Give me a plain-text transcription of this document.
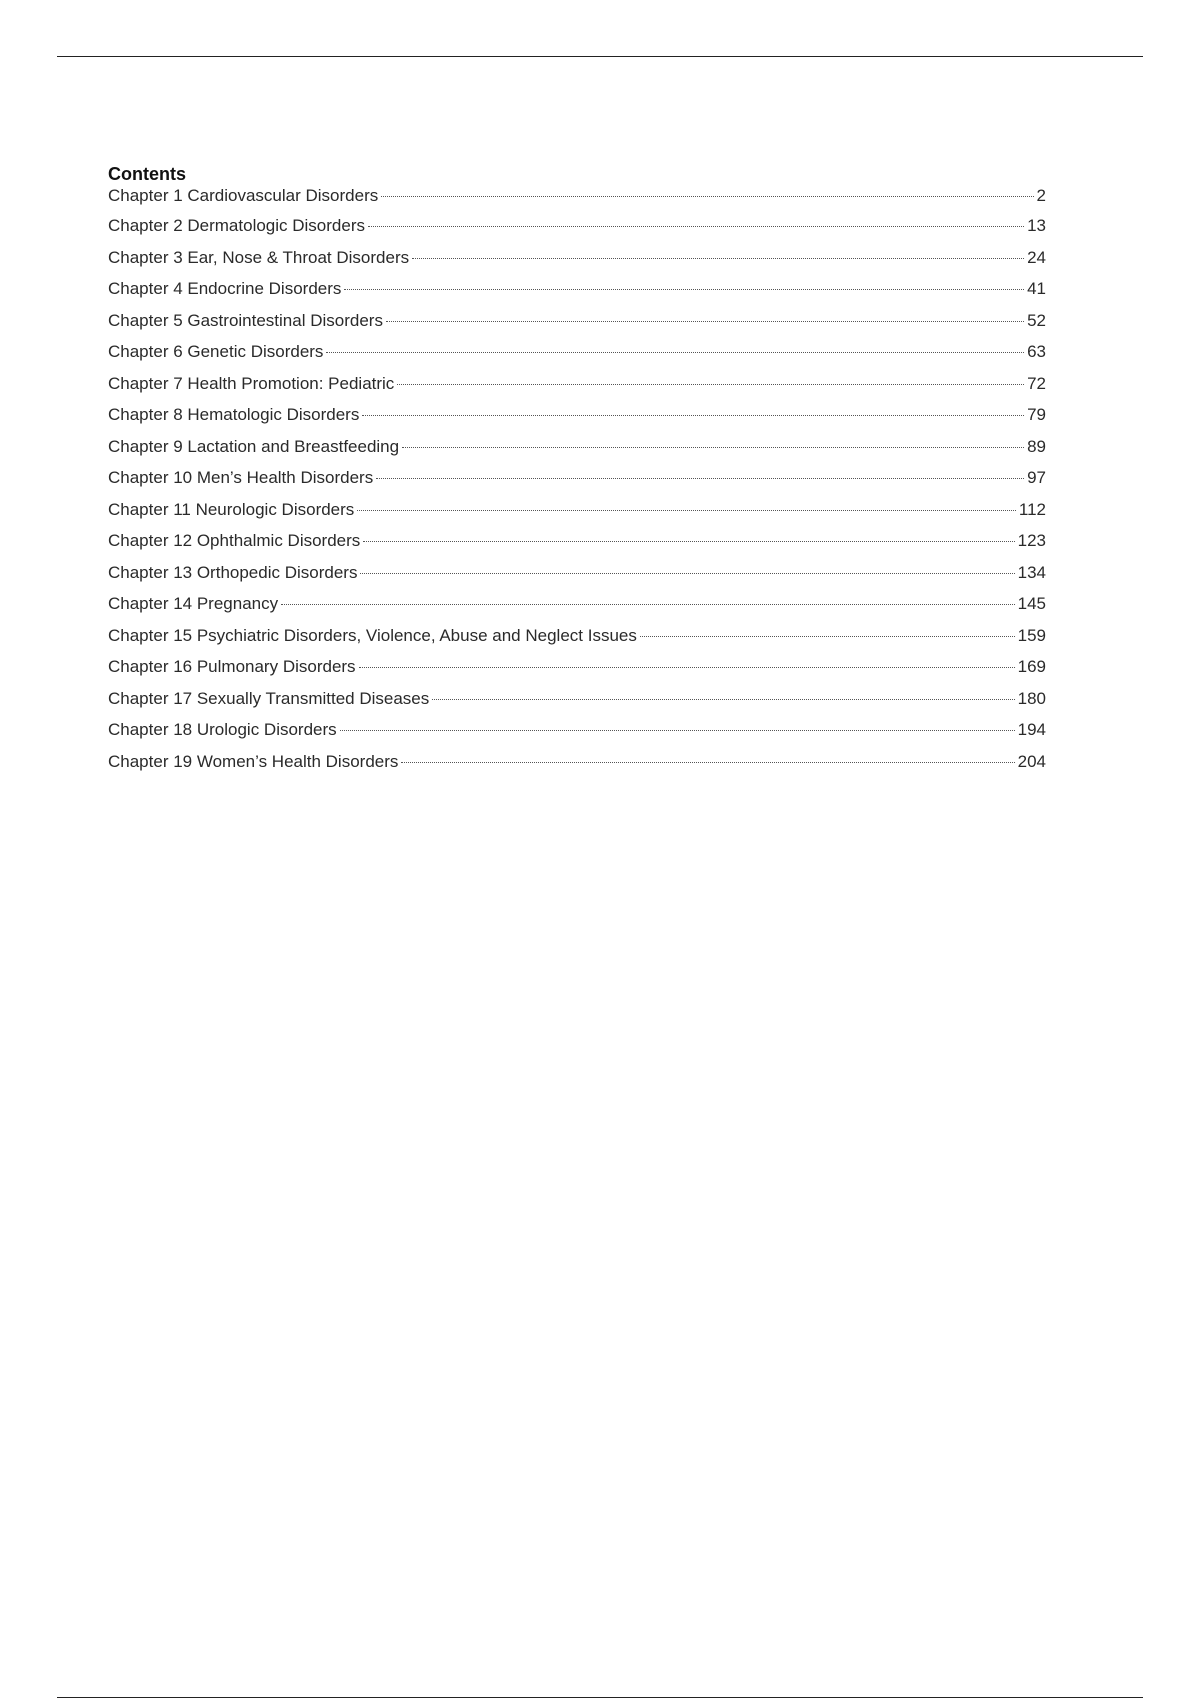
Contents
Chapter 1 Cardiovascular Disorders	2
Chapter 2 Dermatologic Disorders	13
Chapter 3 Ear, Nose & Throat Disorders	24
Chapter 4 Endocrine Disorders	41
Chapter 5 Gastrointestinal Disorders	52
Chapter 6 Genetic Disorders	63
Chapter 7 Health Promotion: Pediatric	72
Chapter 8 Hematologic Disorders	79
Chapter 9 Lactation and Breastfeeding	89
Chapter 10 Men’s Health Disorders	97
Chapter 11 Neurologic Disorders	112
Chapter 12 Ophthalmic Disorders	123
Chapter 13 Orthopedic Disorders	134
Chapter 14 Pregnancy	145
Chapter 15 Psychiatric Disorders, Violence, Abuse and Neglect Issues	159
Chapter 16 Pulmonary Disorders	169
Chapter 17 Sexually Transmitted Diseases	180
Chapter 18 Urologic Disorders	194
Chapter 19 Women’s Health Disorders	204
